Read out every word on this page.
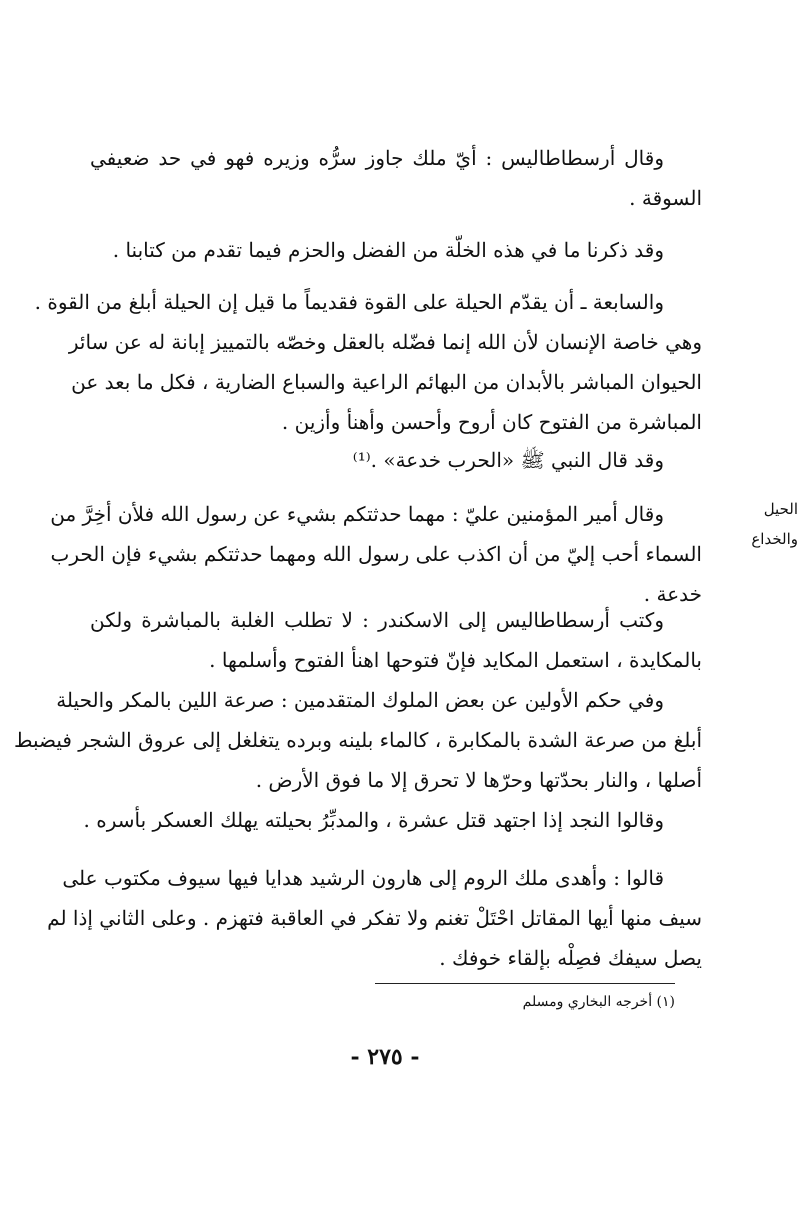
وقال أرسطاطاليس : أيّ ملك جاوز سرُّه وزيره فهو في حد ضعيفي
السوقة .
وقد ذكرنا ما في هذه الخلّة من الفضل والحزم فيما تقدم من كتابنا .
والسابعة ـ أن يقدّم الحيلة على القوة فقديماً ما قيل إن الحيلة أبلغ من القوة .
وهي خاصة الإنسان لأن الله إنما فضّله بالعقل وخصّه بالتمييز إبانة له عن سائر
الحيوان المباشر بالأبدان من البهائم الراعية والسباع الضارية ، فكل ما بعد عن
المباشرة من الفتوح كان أروح وأحسن وأهنأ وأزين .
وقد قال النبي ﷺ «الحرب خدعة» .⁽¹⁾
الحيل
والخداع
وقال أمير المؤمنين عليّ : مهما حدثتكم بشيء عن رسول الله فلأن أخِرَّ من
السماء أحب إليّ من أن اكذب على رسول الله ومهما حدثتكم بشيء فإن الحرب
خدعة .
وكتب أرسطاطاليس إلى الاسكندر : لا تطلب الغلبة بالمباشرة ولكن
بالمكايدة ، استعمل المكايد فإنّ فتوحها اهنأ الفتوح وأسلمها .
وفي حكم الأولين عن بعض الملوك المتقدمين : صرعة اللين بالمكر والحيلة
أبلغ من صرعة الشدة بالمكابرة ، كالماء بلينه وبرده يتغلغل إلى عروق الشجر فيضبط
أصلها ، والنار بحدّتها وحرّها لا تحرق إلا ما فوق الأرض .
وقالوا النجد إذا اجتهد قتل عشرة ، والمدبِّرُ بحيلته يهلك العسكر بأسره .
قالوا : وأهدى ملك الروم إلى هارون الرشيد هدايا فيها سيوف مكتوب على
سيف منها أيها المقاتل احْتَلْ تغنم ولا تفكر في العاقبة فتهزم . وعلى الثاني إذا لم
يصل سيفك فصِلْه بإلقاء خوفك .
(١) أخرجه البخاري ومسلم
- ٢٧٥ -
